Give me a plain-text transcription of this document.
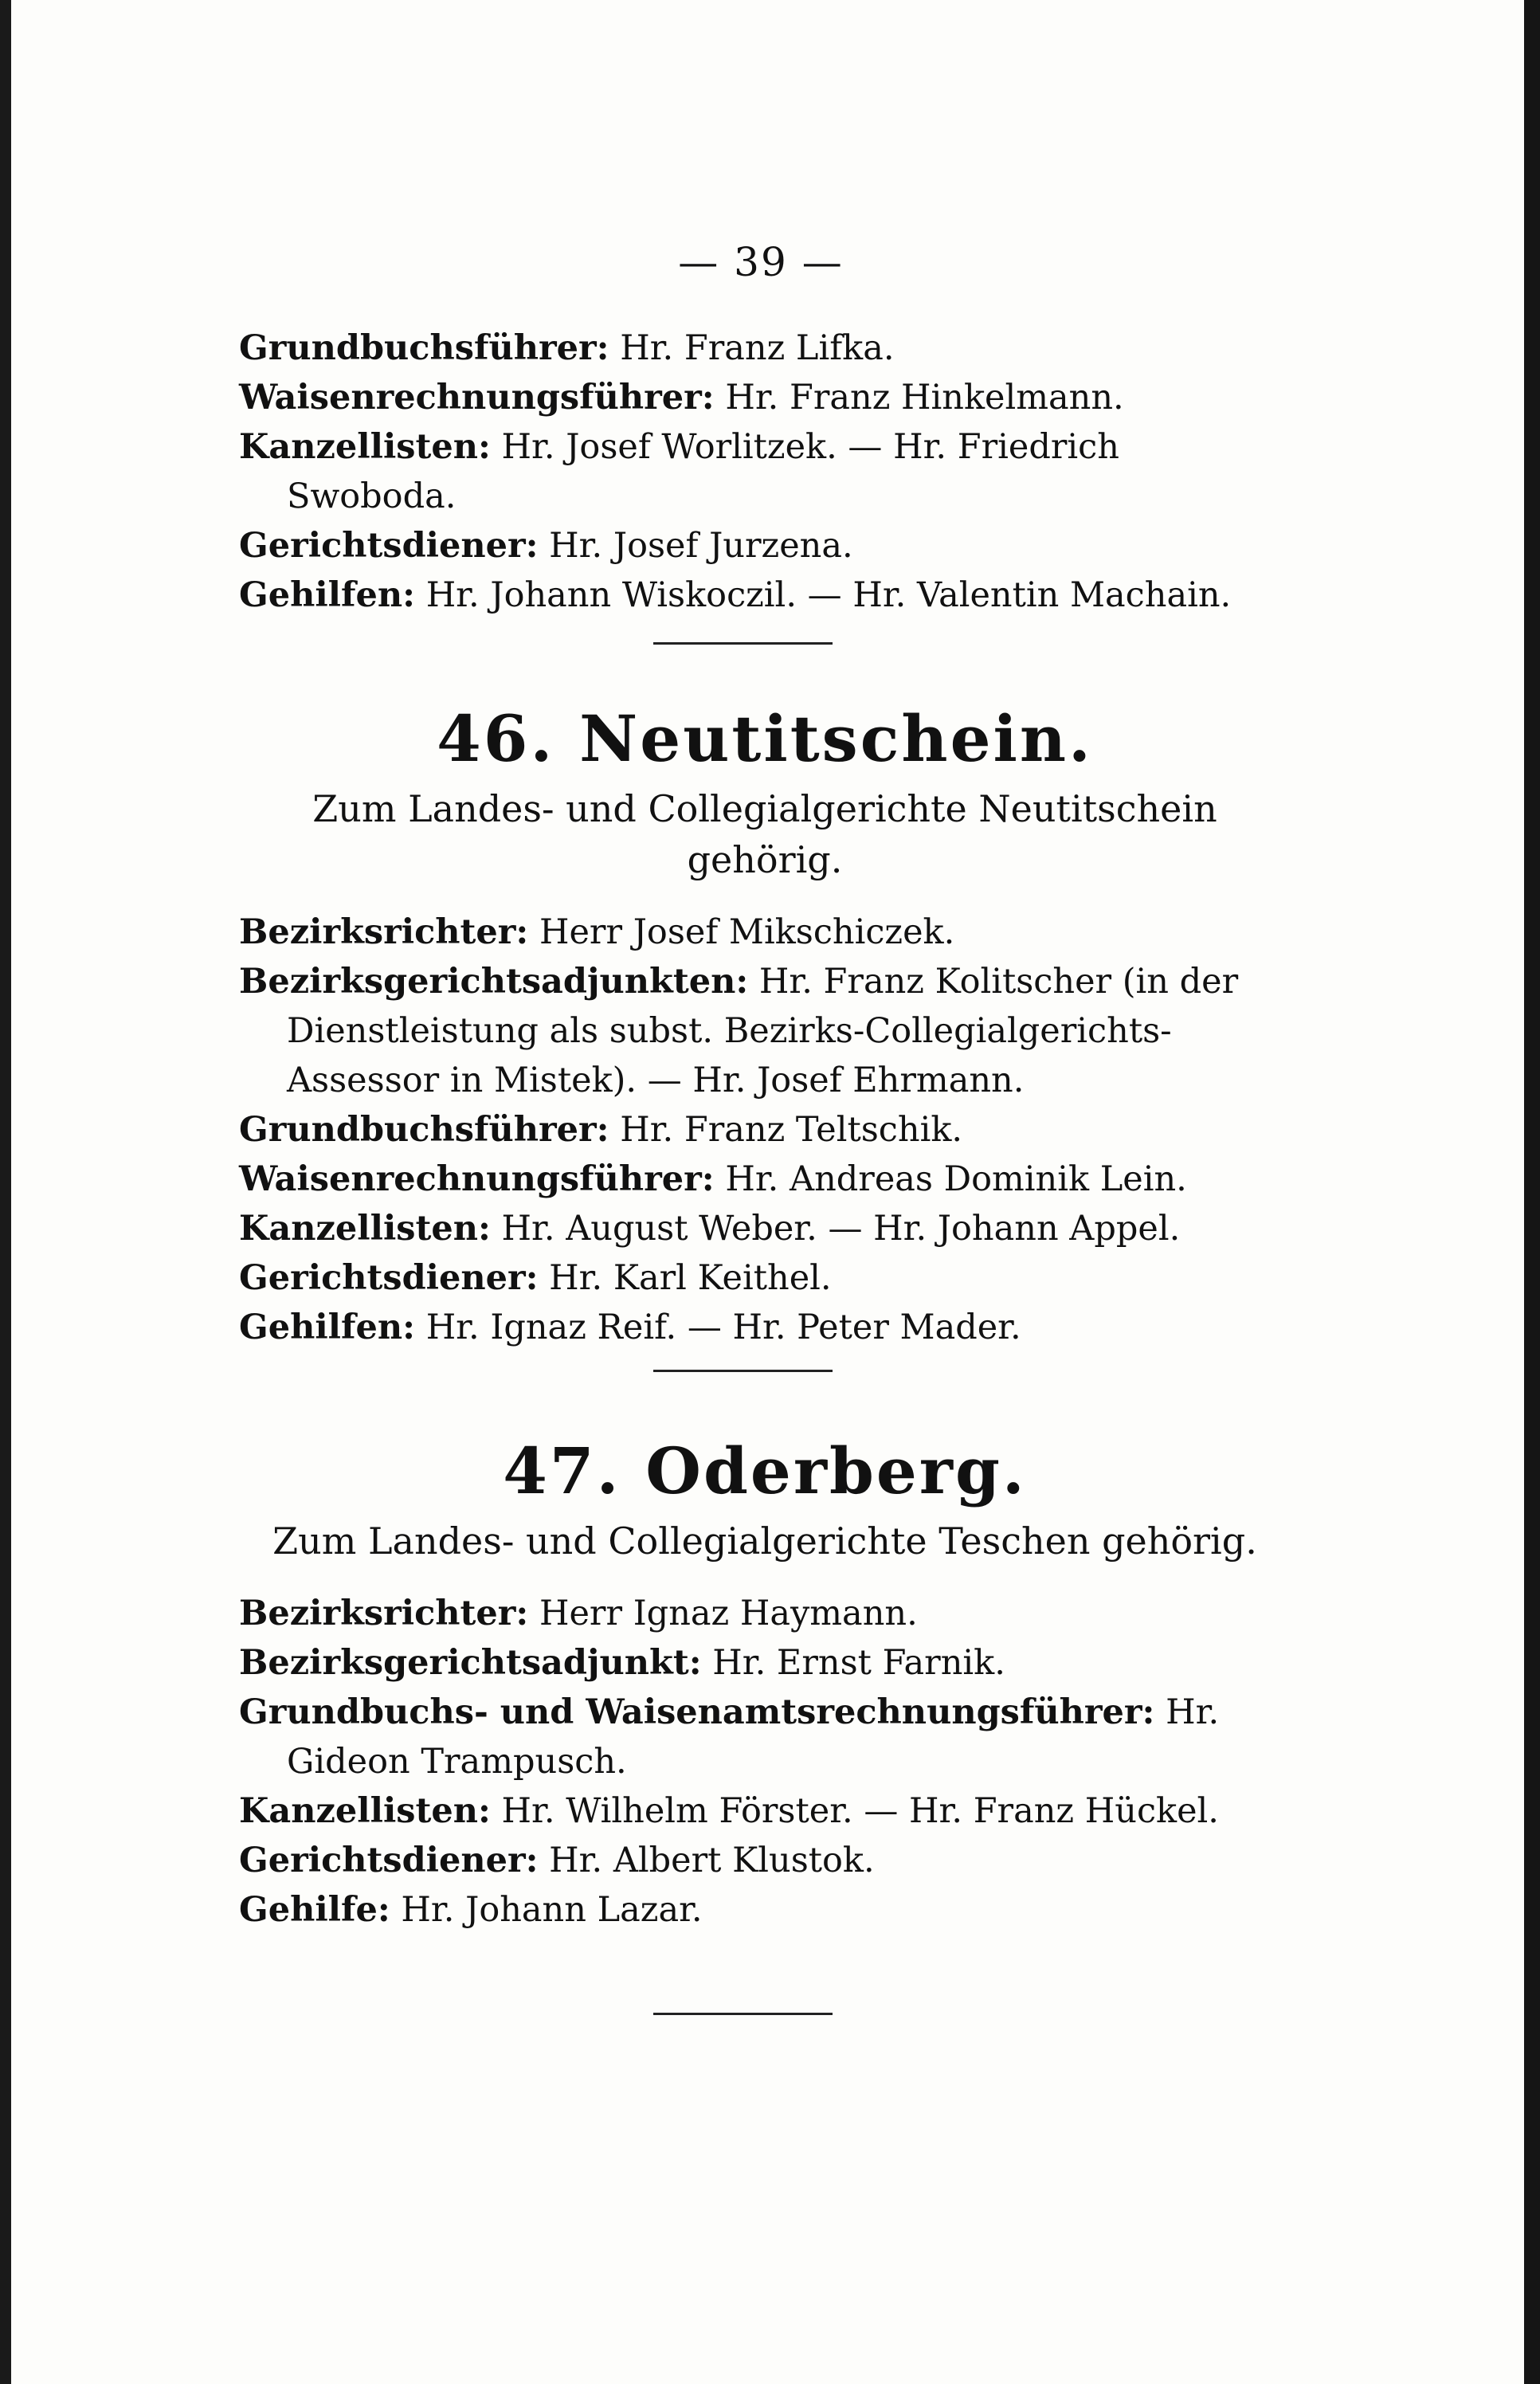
— 39 —

Grundbuchsführer: Hr. Franz Lifka.

Waisenrechnungsführer: Hr. Franz Hinkelmann.

Kanzellisten: Hr. Josef Worlitzek. — Hr. Friedrich Swoboda.

Gerichtsdiener: Hr. Josef Jurzena.

Gehilfen: Hr. Johann Wiskoczil. — Hr. Valentin Machain.

46. Neutitschein.

Zum Landes- und Collegialgerichte Neutitschein gehörig.

Bezirksrichter: Herr Josef Mikschiczek.

Bezirksgerichtsadjunkten: Hr. Franz Kolitscher (in der Dienstleistung als subst. Bezirks-Collegialgerichts-Assessor in Mistek). — Hr. Josef Ehrmann.

Grundbuchsführer: Hr. Franz Teltschik.

Waisenrechnungsführer: Hr. Andreas Dominik Lein.

Kanzellisten: Hr. August Weber. — Hr. Johann Appel.

Gerichtsdiener: Hr. Karl Keithel.

Gehilfen: Hr. Ignaz Reif. — Hr. Peter Mader.

47. Oderberg.

Zum Landes- und Collegialgerichte Teschen gehörig.

Bezirksrichter: Herr Ignaz Haymann.

Bezirksgerichtsadjunkt: Hr. Ernst Farnik.

Grundbuchs- und Waisenamtsrechnungsführer: Hr. Gideon Trampusch.

Kanzellisten: Hr. Wilhelm Förster. — Hr. Franz Hückel.

Gerichtsdiener: Hr. Albert Klustok.

Gehilfe: Hr. Johann Lazar.
